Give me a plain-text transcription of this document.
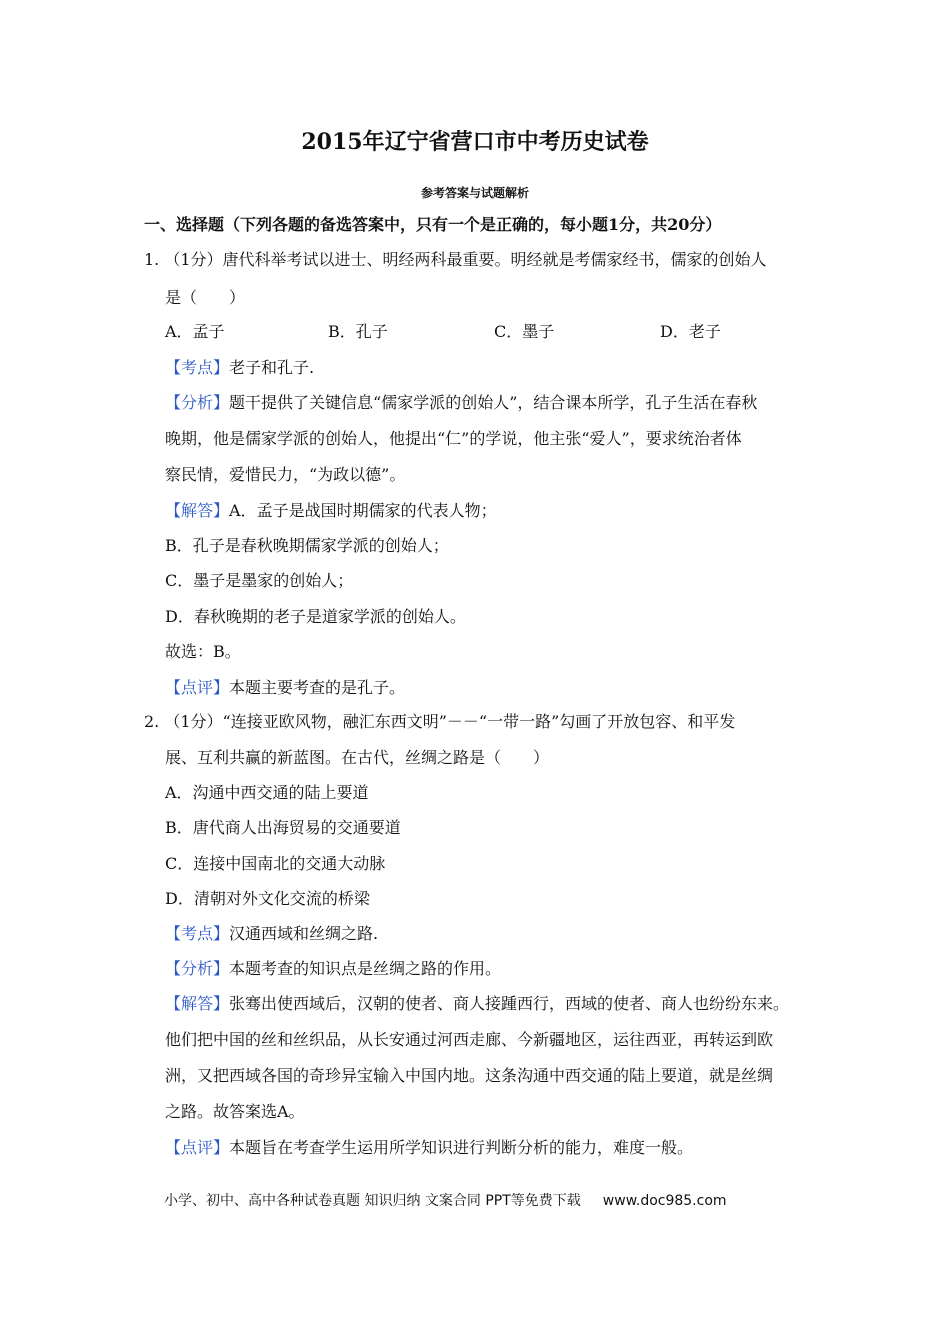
2015年辽宁省营口市中考历史试卷
参考答案与试题解析
一、选择题（下列各题的备选答案中，只有一个是正确的，每小题1分，共20分）
1. （1分）唐代科举考试以进士、明经两科最重要。明经就是考儒家经书，儒家的创始人
是（　　）
A．孟子	B．孔子	C．墨子	D．老子
【考点】老子和孔子.
【分析】题干提供了关键信息“儒家学派的创始人”，结合课本所学，孔子生活在春秋
晚期，他是儒家学派的创始人，他提出“仁”的学说，他主张“爱人”，要求统治者体
察民情，爱惜民力，“为政以德”。
【解答】A．孟子是战国时期儒家的代表人物；
B．孔子是春秋晚期儒家学派的创始人；
C．墨子是墨家的创始人；
D．春秋晚期的老子是道家学派的创始人。
故选：B。
【点评】本题主要考查的是孔子。
2. （1分）“连接亚欧风物，融汇东西文明”－－“一带一路”勾画了开放包容、和平发
展、互利共赢的新蓝图。在古代，丝绸之路是（　　）
A．沟通中西交通的陆上要道
B．唐代商人出海贸易的交通要道
C．连接中国南北的交通大动脉
D．清朝对外文化交流的桥梁
【考点】汉通西域和丝绸之路.
【分析】本题考查的知识点是丝绸之路的作用。
【解答】张骞出使西域后，汉朝的使者、商人接踵西行，西域的使者、商人也纷纷东来。
他们把中国的丝和丝织品，从长安通过河西走廊、今新疆地区，运往西亚，再转运到欧
洲，又把西域各国的奇珍异宝输入中国内地。这条沟通中西交通的陆上要道，就是丝绸
之路。故答案选A。
【点评】本题旨在考查学生运用所学知识进行判断分析的能力，难度一般。
小学、初中、高中各种试卷真题 知识归纳 文案合同 PPT等免费下载 www.doc985.com
